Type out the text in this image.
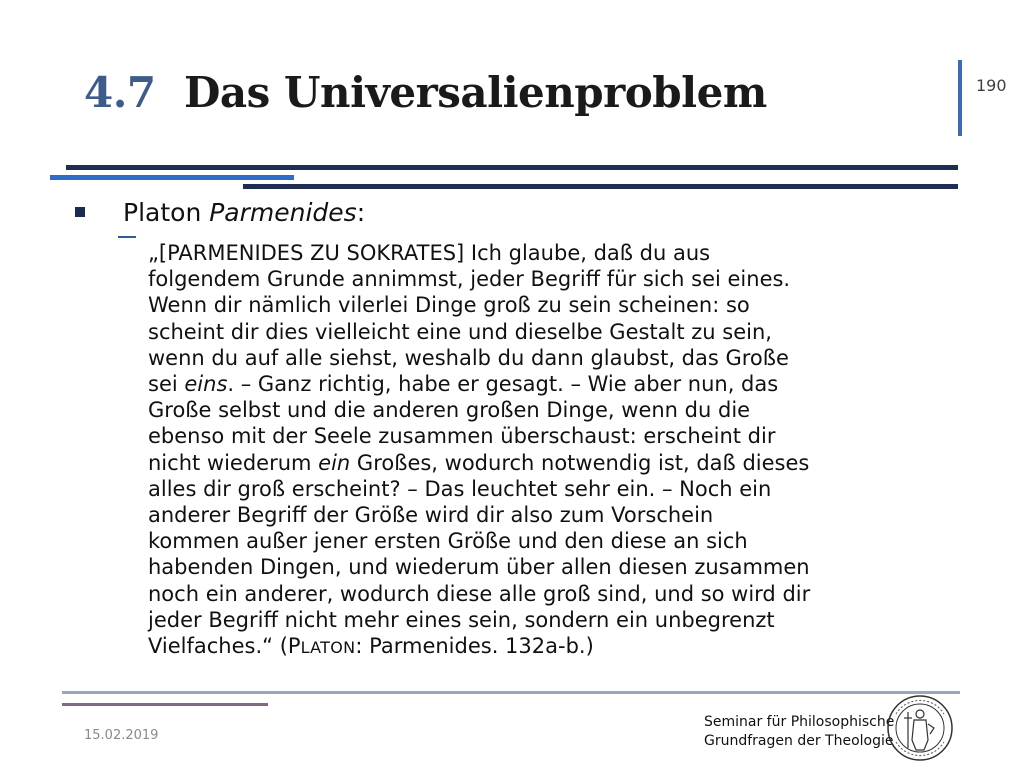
4.7 Das Universalienproblem	190
Platon Parmenides:
„[PARMENIDES ZU SOKRATES] Ich glaube, daß du aus
folgendem Grunde annimmst, jeder Begriff für sich sei eines.
Wenn dir nämlich vilerlei Dinge groß zu sein scheinen: so
scheint dir dies vielleicht eine und dieselbe Gestalt zu sein,
wenn du auf alle siehst, weshalb du dann glaubst, das Große
sei eins. – Ganz richtig, habe er gesagt. – Wie aber nun, das
Große selbst und die anderen großen Dinge, wenn du die
ebenso mit der Seele zusammen überschaust: erscheint dir
nicht wiederum ein Großes, wodurch notwendig ist, daß dieses
alles dir groß erscheint? – Das leuchtet sehr ein. – Noch ein
anderer Begriff der Größe wird dir also zum Vorschein
kommen außer jener ersten Größe und den diese an sich
habenden Dingen, und wiederum über allen diesen zusammen
noch ein anderer, wodurch diese alle groß sind, und so wird dir
jeder Begriff nicht mehr eines sein, sondern ein unbegrenzt
Vielfaches.“ (PLATON: Parmenides. 132a-b.)
15.02.2019
Seminar für Philosophische
Grundfragen der Theologie
